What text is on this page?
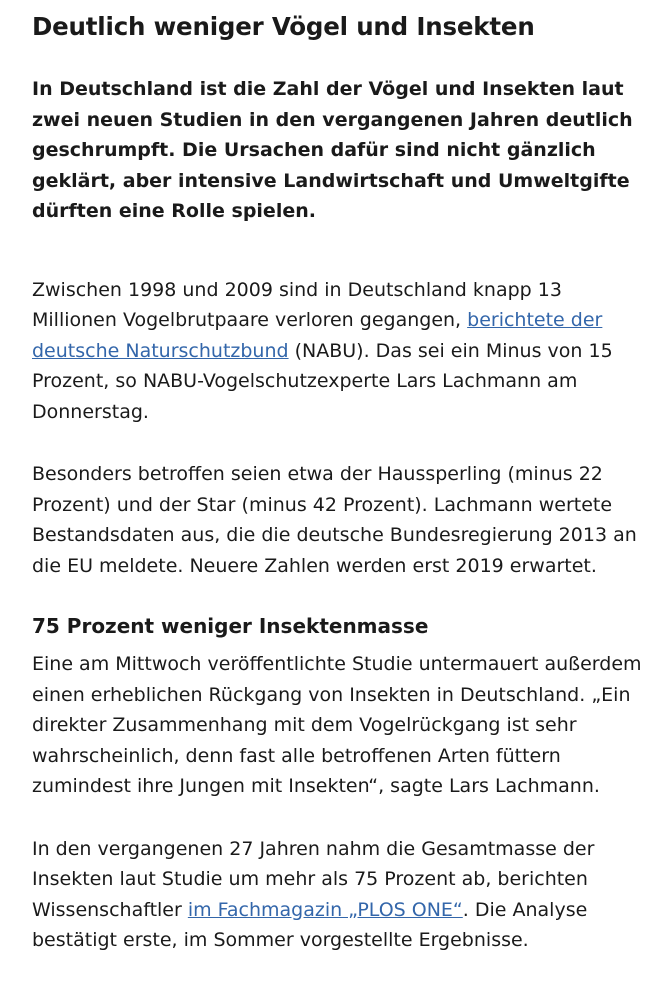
Deutlich weniger Vögel und Insekten

In Deutschland ist die Zahl der Vögel und Insekten laut zwei neuen Studien in den vergangenen Jahren deutlich geschrumpft. Die Ursachen dafür sind nicht gänzlich geklärt, aber intensive Landwirtschaft und Umweltgifte dürften eine Rolle spielen.

Zwischen 1998 und 2009 sind in Deutschland knapp 13 Millionen Vogelbrutpaare verloren gegangen, berichtete der deutsche Naturschutzbund (NABU). Das sei ein Minus von 15 Prozent, so NABU-Vogelschutzexperte Lars Lachmann am Donnerstag.

Besonders betroffen seien etwa der Haussperling (minus 22 Prozent) und der Star (minus 42 Prozent). Lachmann wertete Bestandsdaten aus, die die deutsche Bundesregierung 2013 an die EU meldete. Neuere Zahlen werden erst 2019 erwartet.

75 Prozent weniger Insektenmasse

Eine am Mittwoch veröffentlichte Studie untermauert außerdem einen erheblichen Rückgang von Insekten in Deutschland. „Ein direkter Zusammenhang mit dem Vogelrückgang ist sehr wahrscheinlich, denn fast alle betroffenen Arten füttern zumindest ihre Jungen mit Insekten“, sagte Lars Lachmann.

In den vergangenen 27 Jahren nahm die Gesamtmasse der Insekten laut Studie um mehr als 75 Prozent ab, berichten Wissenschaftler im Fachmagazin „PLOS ONE“. Die Analyse bestätigt erste, im Sommer vorgestellte Ergebnisse.
